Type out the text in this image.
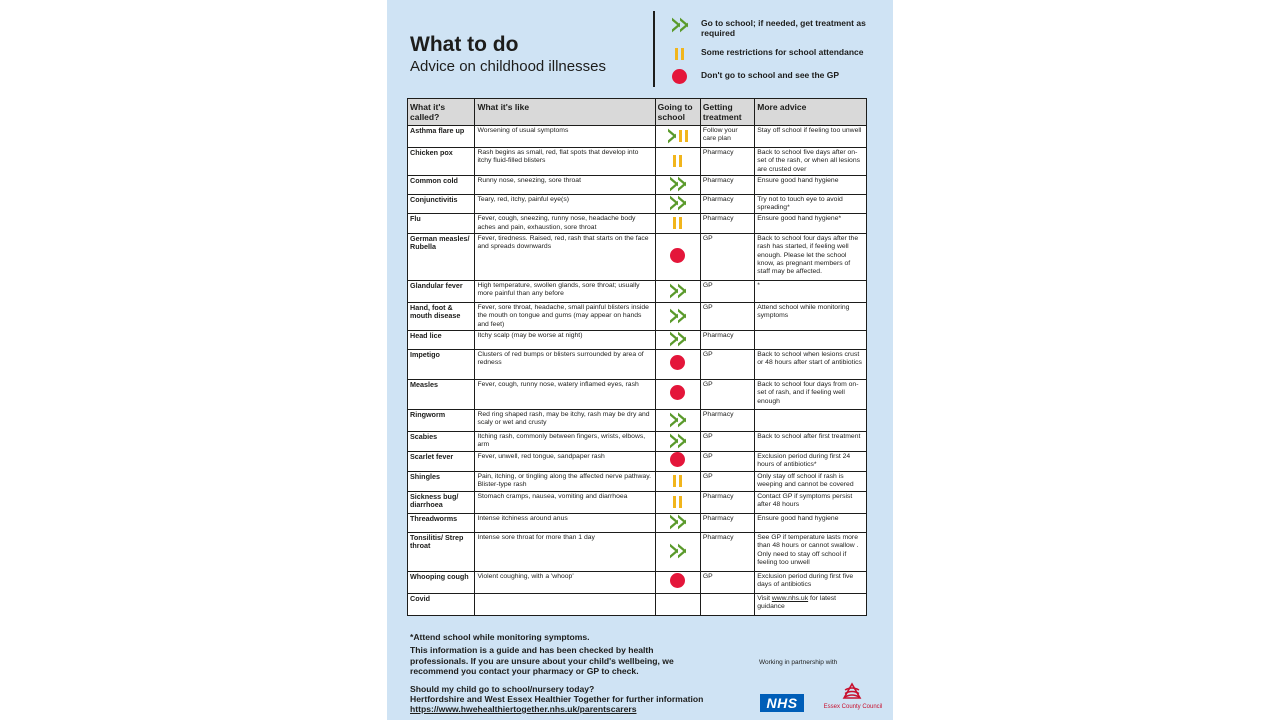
What to do
Advice on childhood illnesses
Go to school; if needed, get treatment as required
Some restrictions for school attendance
Don't go to school and see the GP
What it's called?	What it's like	Going to school	Getting treatment	More advice
Asthma flare up	Worsening of usual symptoms		Follow your care plan	Stay off school if feeling too unwell
Chicken pox	Rash begins as small, red, flat spots that develop into itchy fluid-filled blisters		Pharmacy	Back to school five days after on-set of the rash, or when all lesions are crusted over
Common cold	Runny nose, sneezing, sore throat		Pharmacy	Ensure good hand hygiene
Conjunctivitis	Teary, red, itchy, painful eye(s)		Pharmacy	Try not to touch eye to avoid spreading*
Flu	Fever, cough, sneezing, runny nose, headache body aches and pain, exhaustion, sore throat		Pharmacy	Ensure good hand hygiene*
German measles/ Rubella	Fever, tiredness. Raised, red, rash that starts on the face and spreads downwards		GP	Back to school four days after the rash has started, if feeling well enough. Please let the school know, as pregnant members of staff may be affected.
Glandular fever	High temperature, swollen glands, sore throat; usually more painful than any before		GP	*
Hand, foot & mouth disease	Fever, sore throat, headache, small painful blisters inside the mouth on tongue and gums (may appear on hands and feet)		GP	Attend school while monitoring symptoms
Head lice	Itchy scalp (may be worse at night)		Pharmacy	
Impetigo	Clusters of red bumps or blisters surrounded by area of redness		GP	Back to school when lesions crust or 48 hours after start of antibiotics
Measles	Fever, cough, runny nose, watery inflamed eyes, rash		GP	Back to school four days from on-set of rash, and if feeling well enough
Ringworm	Red ring shaped rash, may be itchy, rash may be dry and scaly or wet and crusty		Pharmacy	
Scabies	Itching rash, commonly between fingers, wrists, elbows, arm		GP	Back to school after first treatment
Scarlet fever	Fever, unwell, red tongue, sandpaper rash		GP	Exclusion period during first 24 hours of antibiotics*
Shingles	Pain, itching, or tingling along the affected nerve pathway. Blister-type rash		GP	Only stay off school if rash is weeping and cannot be covered
Sickness bug/ diarrhoea	Stomach cramps, nausea, vomiting and diarrhoea		Pharmacy	Contact GP if symptoms persist after 48 hours
Threadworms	Intense itchiness around anus		Pharmacy	Ensure good hand hygiene
Tonsilitis/ Strep throat	Intense sore throat for more than 1 day		Pharmacy	See GP if temperature lasts more than 48 hours or cannot swallow . Only need to stay off school if feeling too unwell
Whooping cough	Violent coughing, with a 'whoop'		GP	Exclusion period during first five days of antibiotics
Covid				Visit www.nhs.uk for latest guidance
*Attend school while monitoring symptoms.
This information is a guide and has been checked by health professionals. If you are unsure about your child's wellbeing, we recommend you contact your pharmacy or GP to check.
Should my child go to school/nursery today?
Hertfordshire and West Essex Healthier Together for further information
https://www.hwehealthiertogether.nhs.uk/parentscarers
Working in partnership with
NHS	Essex County Council
